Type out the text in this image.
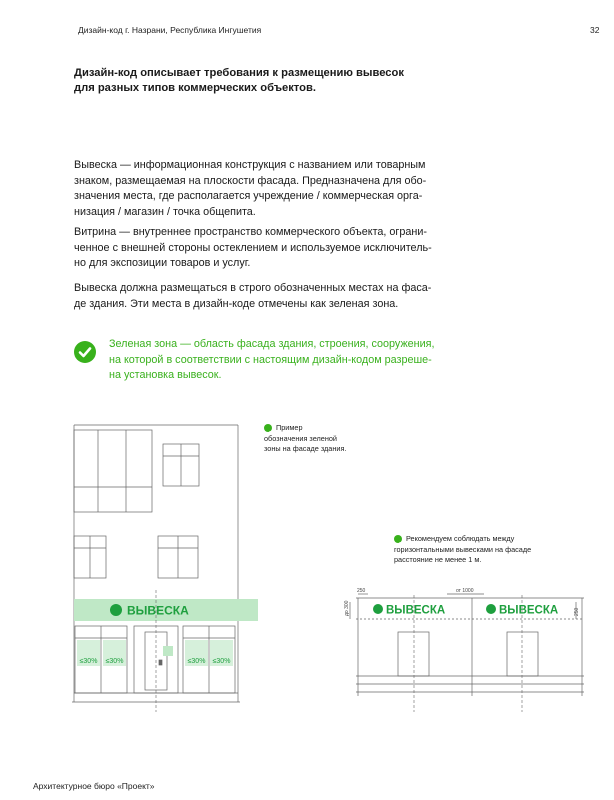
Дизайн-код г. Назрани, Республика Ингушетия	32
Дизайн-код описывает требования к размещению вывесок
для разных типов коммерческих объектов.
Вывеска — информационная конструкция с названием или товарным
знаком, размещаемая на плоскости фасада. Предназначена для обо-
значения места, где располагается учреждение / коммерческая орга-
низация / магазин / точка общепита.
Витрина — внутреннее пространство коммерческого объекта, ограни-
ченное с внешней стороны остеклением и используемое исключитель-
но для экспозиции товаров и услуг.
Вывеска должна размещаться в строго обозначенных местах на фаса-
де здания. Эти места в дизайн-коде отмечены как зеленая зона.
Зеленая зона — область фасада здания, строения, сооружения,
на которой в соответствии с настоящим дизайн-кодом разреше-
на установка вывесок.
Пример
обозначения зеленой
зоны на фасаде здания.
Рекомендуем соблюдать между
горизонтальными вывесками на фасаде
расстояние не менее 1 м.
ВЫВЕСКА
≤30% ≤30%	≤30% ≤30%
250	от 1000
до 300	250
ВЫВЕСКА	ВЫВЕСКА
Архитектурное бюро «Проект»
